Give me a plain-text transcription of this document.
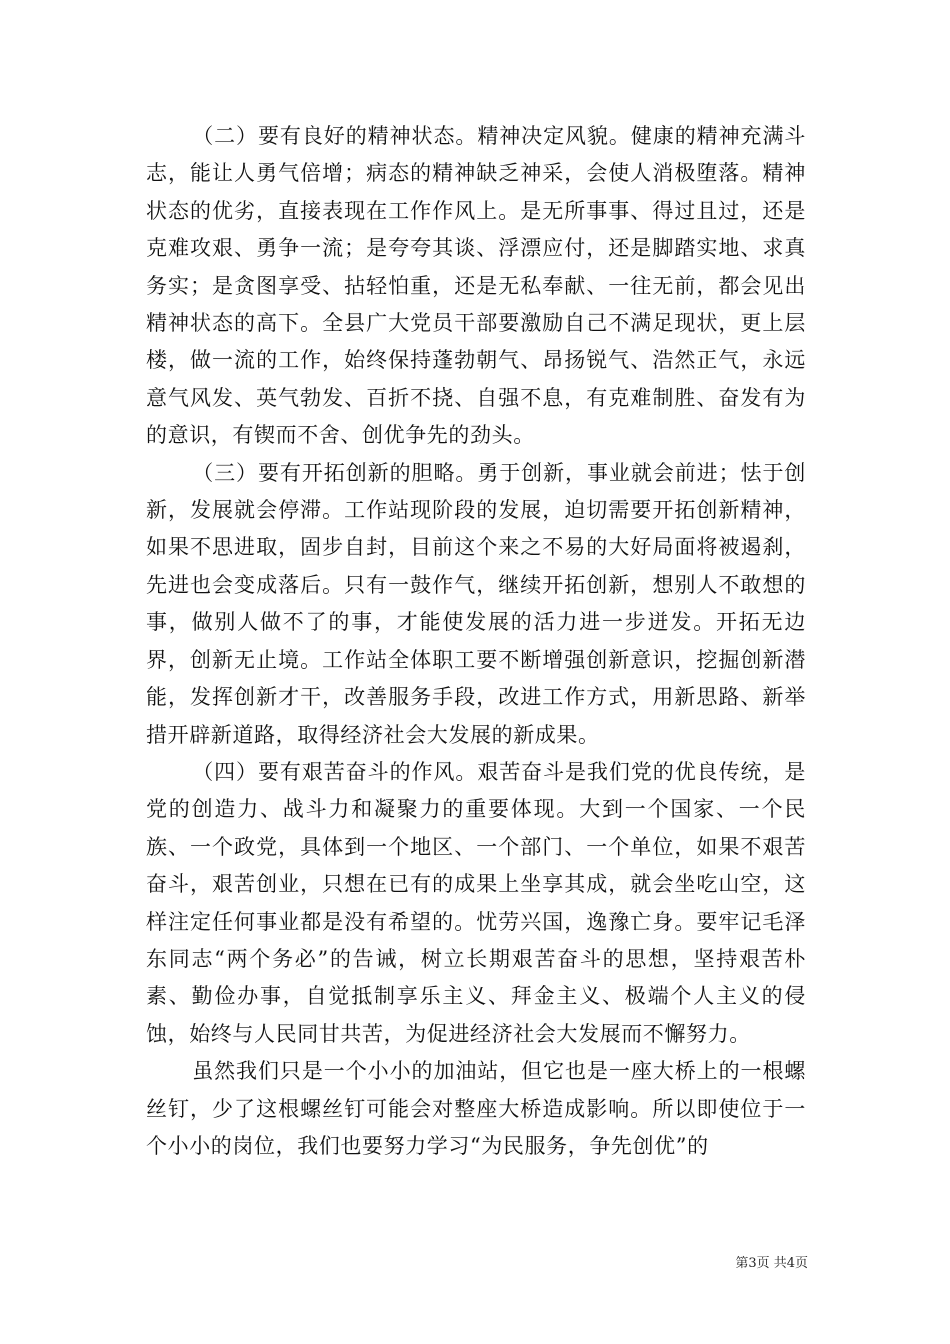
（二）要有良好的精神状态。精神决定风貌。健康的精神充满斗志，能让人勇气倍增；病态的精神缺乏神采，会使人消极堕落。精神状态的优劣，直接表现在工作作风上。是无所事事、得过且过，还是克难攻艰、勇争一流；是夸夸其谈、浮漂应付，还是脚踏实地、求真务实；是贪图享受、拈轻怕重，还是无私奉献、一往无前，都会见出精神状态的高下。全县广大党员干部要激励自己不满足现状，更上层楼，做一流的工作，始终保持蓬勃朝气、昂扬锐气、浩然正气，永远意气风发、英气勃发、百折不挠、自强不息，有克难制胜、奋发有为的意识，有锲而不舍、创优争先的劲头。

（三）要有开拓创新的胆略。勇于创新，事业就会前进；怯于创新，发展就会停滞。工作站现阶段的发展，迫切需要开拓创新精神，如果不思进取，固步自封，目前这个来之不易的大好局面将被遏刹，先进也会变成落后。只有一鼓作气，继续开拓创新，想别人不敢想的事，做别人做不了的事，才能使发展的活力进一步迸发。开拓无边界，创新无止境。工作站全体职工要不断增强创新意识，挖掘创新潜能，发挥创新才干，改善服务手段，改进工作方式，用新思路、新举措开辟新道路，取得经济社会大发展的新成果。

（四）要有艰苦奋斗的作风。艰苦奋斗是我们党的优良传统，是党的创造力、战斗力和凝聚力的重要体现。大到一个国家、一个民族、一个政党，具体到一个地区、一个部门、一个单位，如果不艰苦奋斗，艰苦创业，只想在已有的成果上坐享其成，就会坐吃山空，这样注定任何事业都是没有希望的。忧劳兴国，逸豫亡身。要牢记毛泽东同志“两个务必”的告诫，树立长期艰苦奋斗的思想，坚持艰苦朴素、勤俭办事，自觉抵制享乐主义、拜金主义、极端个人主义的侵蚀，始终与人民同甘共苦，为促进经济社会大发展而不懈努力。

虽然我们只是一个小小的加油站，但它也是一座大桥上的一根螺丝钉，少了这根螺丝钉可能会对整座大桥造成影响。所以即使位于一个小小的岗位，我们也要努力学习“为民服务，争先创优”的

第3页 共4页
